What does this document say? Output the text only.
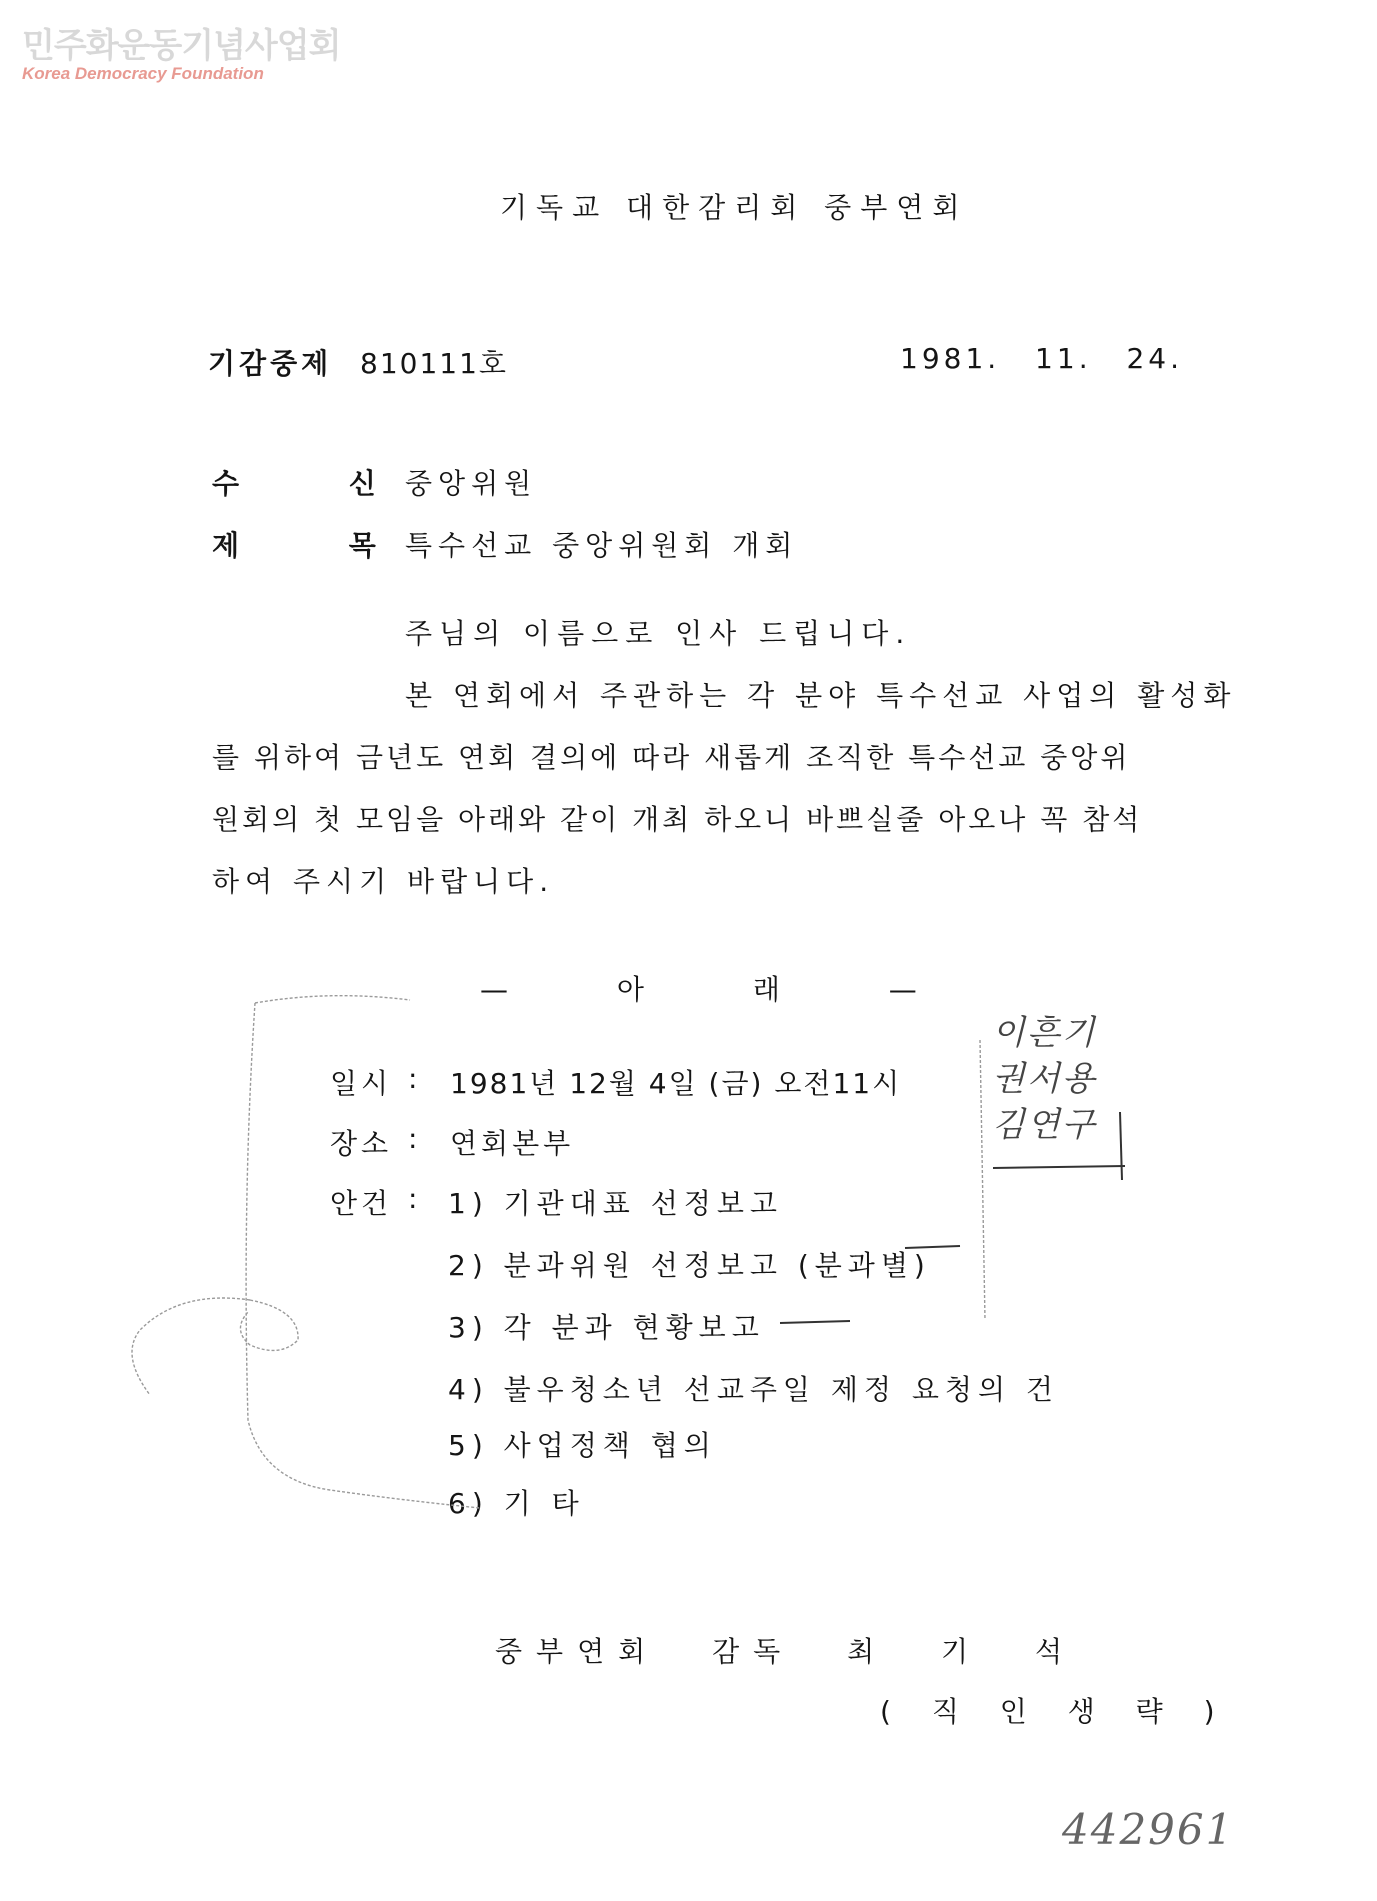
민주화운동기념사업회
Korea Democracy Foundation
기독교 대한감리회 중부연회
기감중제 810111호	1981. 11. 24.
수 신
중앙위원
제 목
특수선교 중앙위원회 개회
주님의 이름으로 인사 드립니다.
본 연회에서 주관하는 각 분야 특수선교 사업의 활성화
를 위하여 금년도 연회 결의에 따라 새롭게 조직한 특수선교 중앙위
원회의 첫 모임을 아래와 같이 개최 하오니 바쁘실줄 아오나 꼭 참석
하여 주시기 바랍니다.
— 아 래 —
일시 : 1981년 12월 4일 (금) 오전11시
장소 : 연회본부
안건 : 1) 기관대표 선정보고
2) 분과위원 선정보고 (분과별)
3) 각 분과 현황보고
4) 불우청소년 선교주일 제정 요청의 건
5) 사업정책 협의
6) 기 타
중부연회 감독 최 기 석
( 직 인 생 략 )
이흔기
권서용
김연구
442961
